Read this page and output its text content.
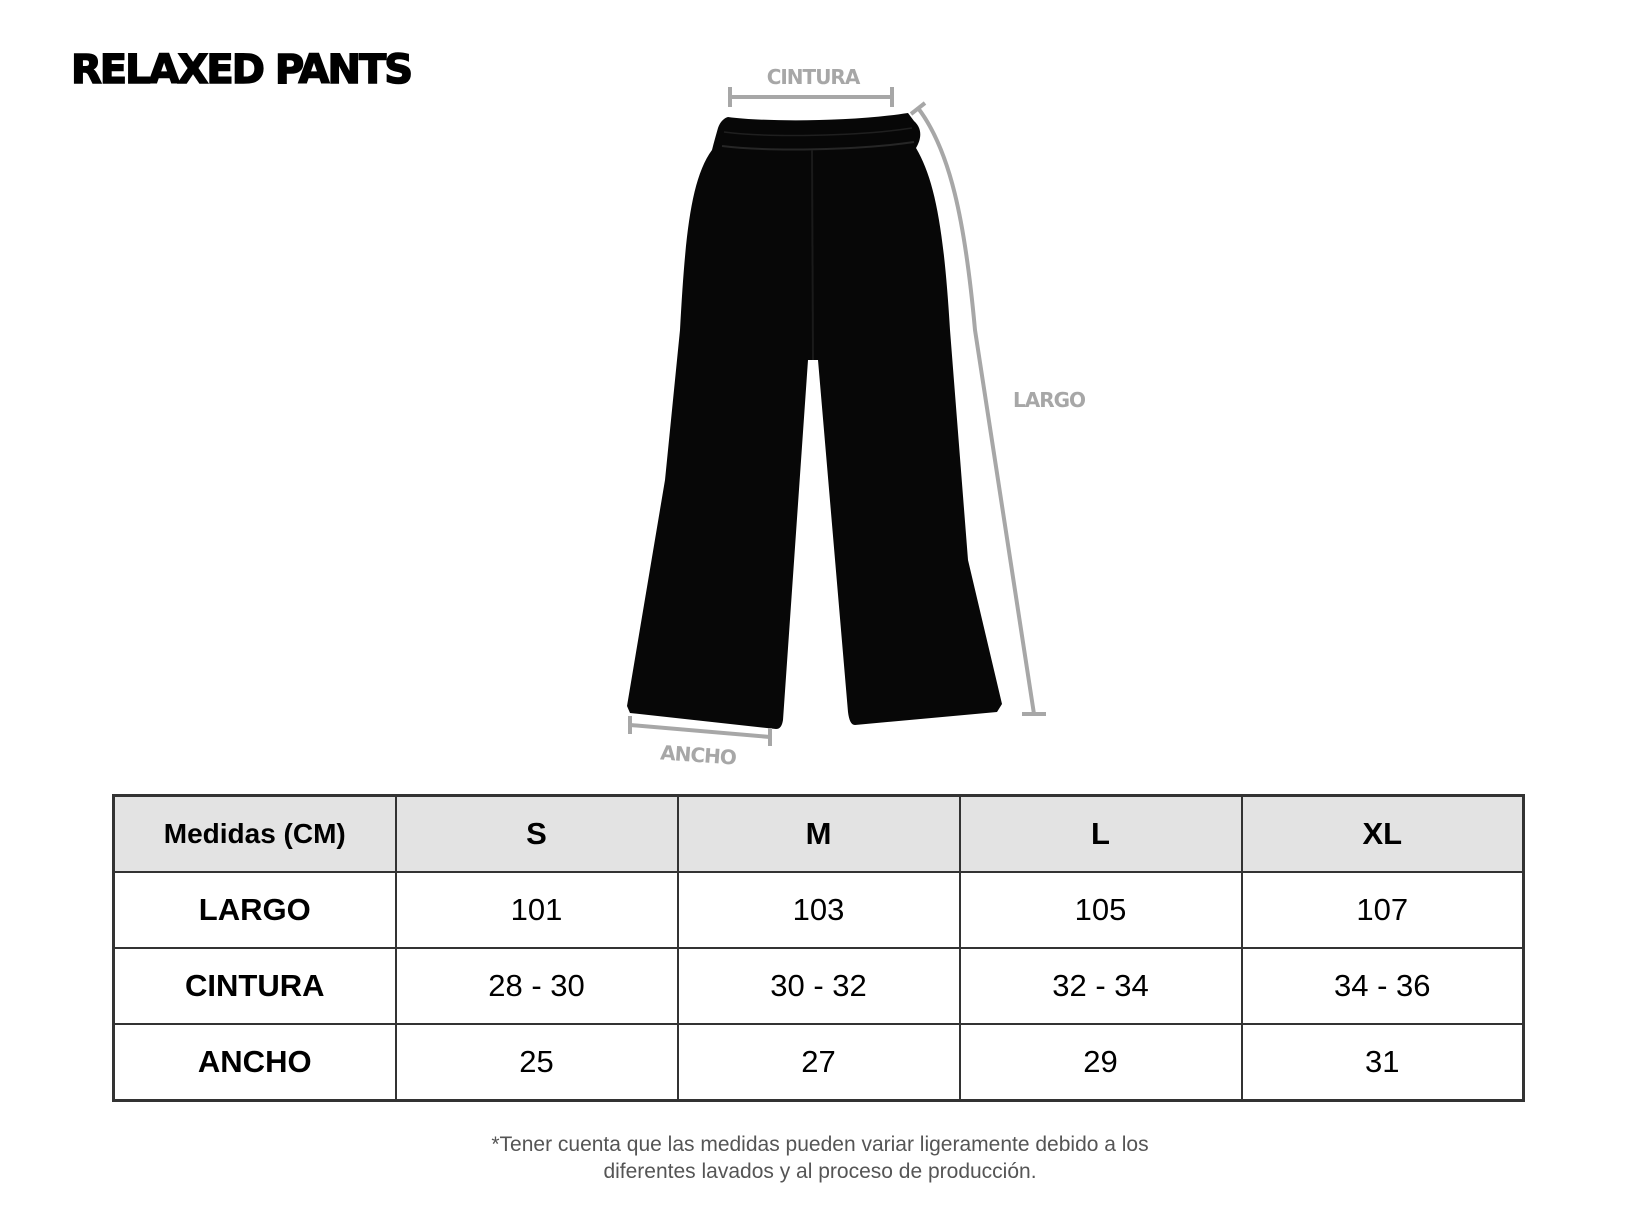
RELAXED PANTS	CINTURA
LARGO
ANCHO
Medidas (CM)	S	M	L	XL
LARGO	101	103	105	107
CINTURA	28 - 30	30 - 32	32 - 34	34 - 36
ANCHO	25	27	29	31

*Tener cuenta que las medidas pueden variar ligeramente debido a los
diferentes lavados y al proceso de producción.
